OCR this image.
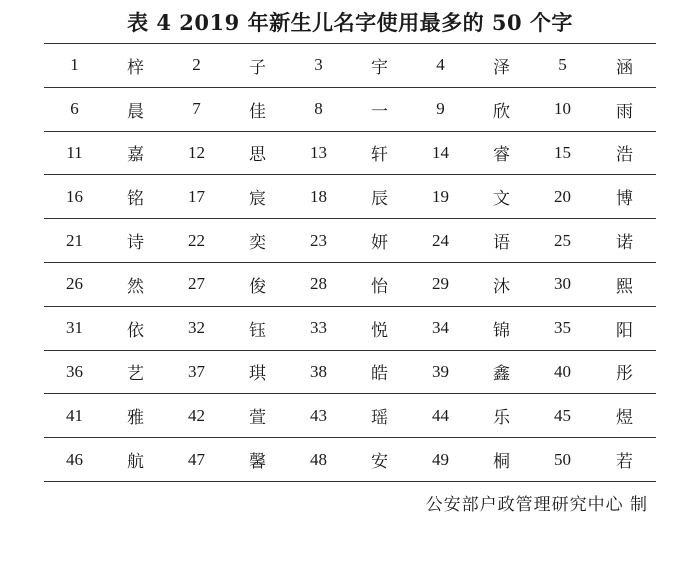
表 4 2019 年新生儿名字使用最多的 50 个字
1	梓	2	子	3	宇	4	泽	5	涵
6	晨	7	佳	8	一	9	欣	10	雨
11	嘉	12	思	13	轩	14	睿	15	浩
16	铭	17	宸	18	辰	19	文	20	博
21	诗	22	奕	23	妍	24	语	25	诺
26	然	27	俊	28	怡	29	沐	30	熙
31	依	32	钰	33	悦	34	锦	35	阳
36	艺	37	琪	38	皓	39	鑫	40	彤
41	雅	42	萱	43	瑶	44	乐	45	煜
46	航	47	馨	48	安	49	桐	50	若
公安部户政管理研究中心 制
